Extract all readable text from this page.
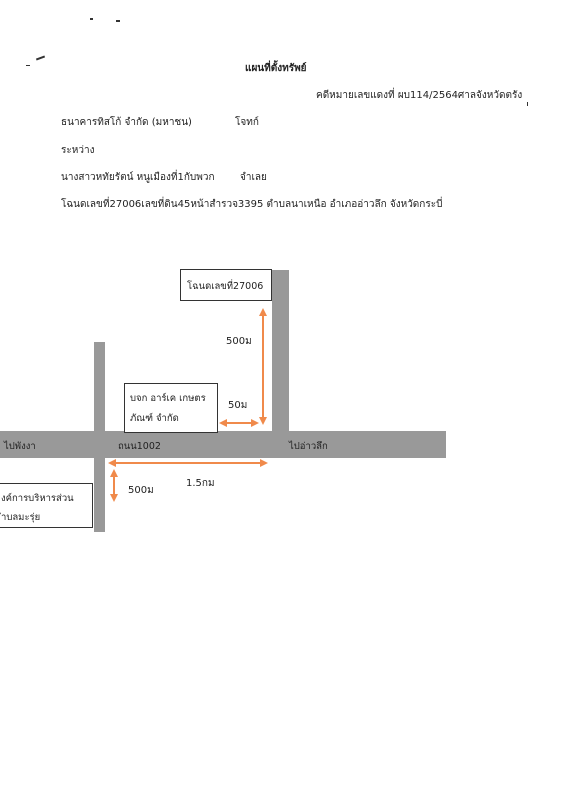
แผนที่ตั้งทรัพย์
คดีหมายเลขแดงที่ ผบ114/2564ศาลจังหวัดตรัง
ธนาคารทิสโก้ จำกัด (มหาชน)	โจทก์
ระหว่าง
นางสาวหทัยรัตน์ หนูเมืองที่1กับพวก	จำเลย
โฉนดเลขที่27006เลขที่ดิน45หน้าสำรวจ3395 ตำบลนาเหนือ อำเภออ่าวลึก จังหวัดกระบี่
โฉนดเลขที่27006
บจก อาร์เค เกษตร
ภัณฑ์ จำกัด
งค์การบริหารส่วน
ำบลมะรุ่ย
ไปพังงา	ถนน1002	ไปอ่าวลึก
500ม
50ม
1.5กม
500ม
